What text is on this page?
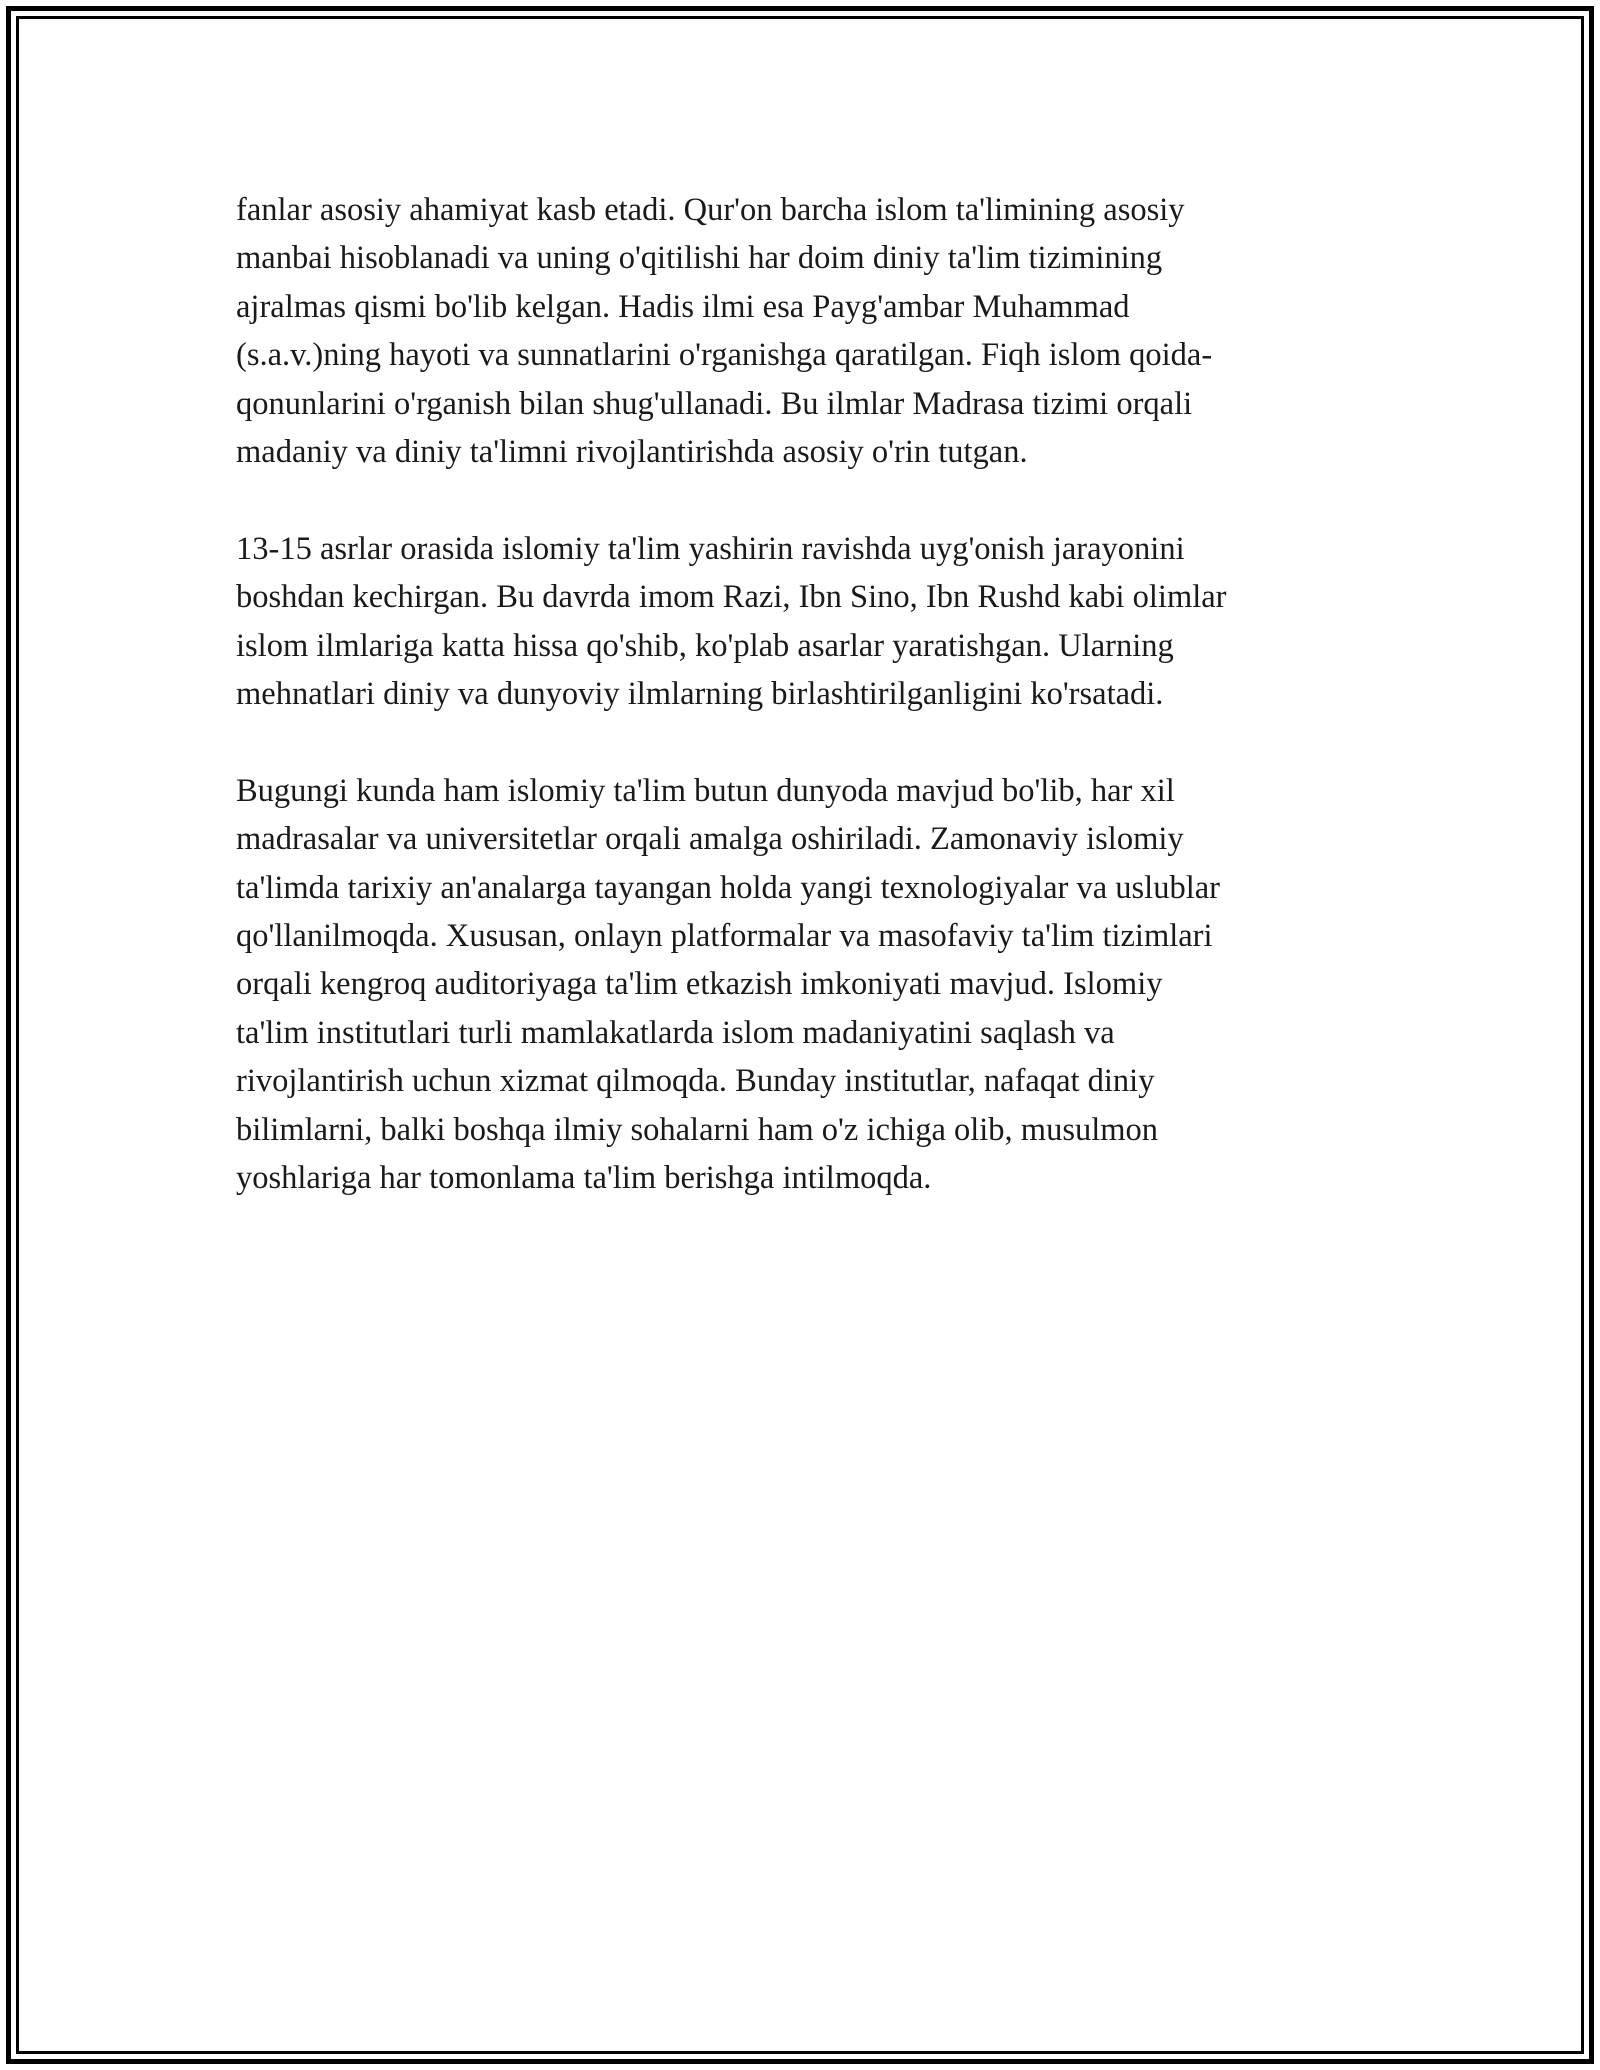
fanlar asosiy ahamiyat kasb etadi. Qur'on barcha islom ta'limining asosiy
manbai hisoblanadi va uning o'qitilishi har doim diniy ta'lim tizimining
ajralmas qismi bo'lib kelgan. Hadis ilmi esa Payg'ambar Muhammad
(s.a.v.)ning hayoti va sunnatlarini o'rganishga qaratilgan. Fiqh islom qoida-
qonunlarini o'rganish bilan shug'ullanadi. Bu ilmlar Madrasa tizimi orqali
madaniy va diniy ta'limni rivojlantirishda asosiy o'rin tutgan.

13-15 asrlar orasida islomiy ta'lim yashirin ravishda uyg'onish jarayonini
boshdan kechirgan. Bu davrda imom Razi, Ibn Sino, Ibn Rushd kabi olimlar
islom ilmlariga katta hissa qo'shib, ko'plab asarlar yaratishgan. Ularning
mehnatlari diniy va dunyoviy ilmlarning birlashtirilganligini ko'rsatadi.

Bugungi kunda ham islomiy ta'lim butun dunyoda mavjud bo'lib, har xil
madrasalar va universitetlar orqali amalga oshiriladi. Zamonaviy islomiy
ta'limda tarixiy an'analarga tayangan holda yangi texnologiyalar va uslublar
qo'llanilmoqda. Xususan, onlayn platformalar va masofaviy ta'lim tizimlari
orqali kengroq auditoriyaga ta'lim etkazish imkoniyati mavjud. Islomiy
ta'lim institutlari turli mamlakatlarda islom madaniyatini saqlash va
rivojlantirish uchun xizmat qilmoqda. Bunday institutlar, nafaqat diniy
bilimlarni, balki boshqa ilmiy sohalarni ham o'z ichiga olib, musulmon
yoshlariga har tomonlama ta'lim berishga intilmoqda.
